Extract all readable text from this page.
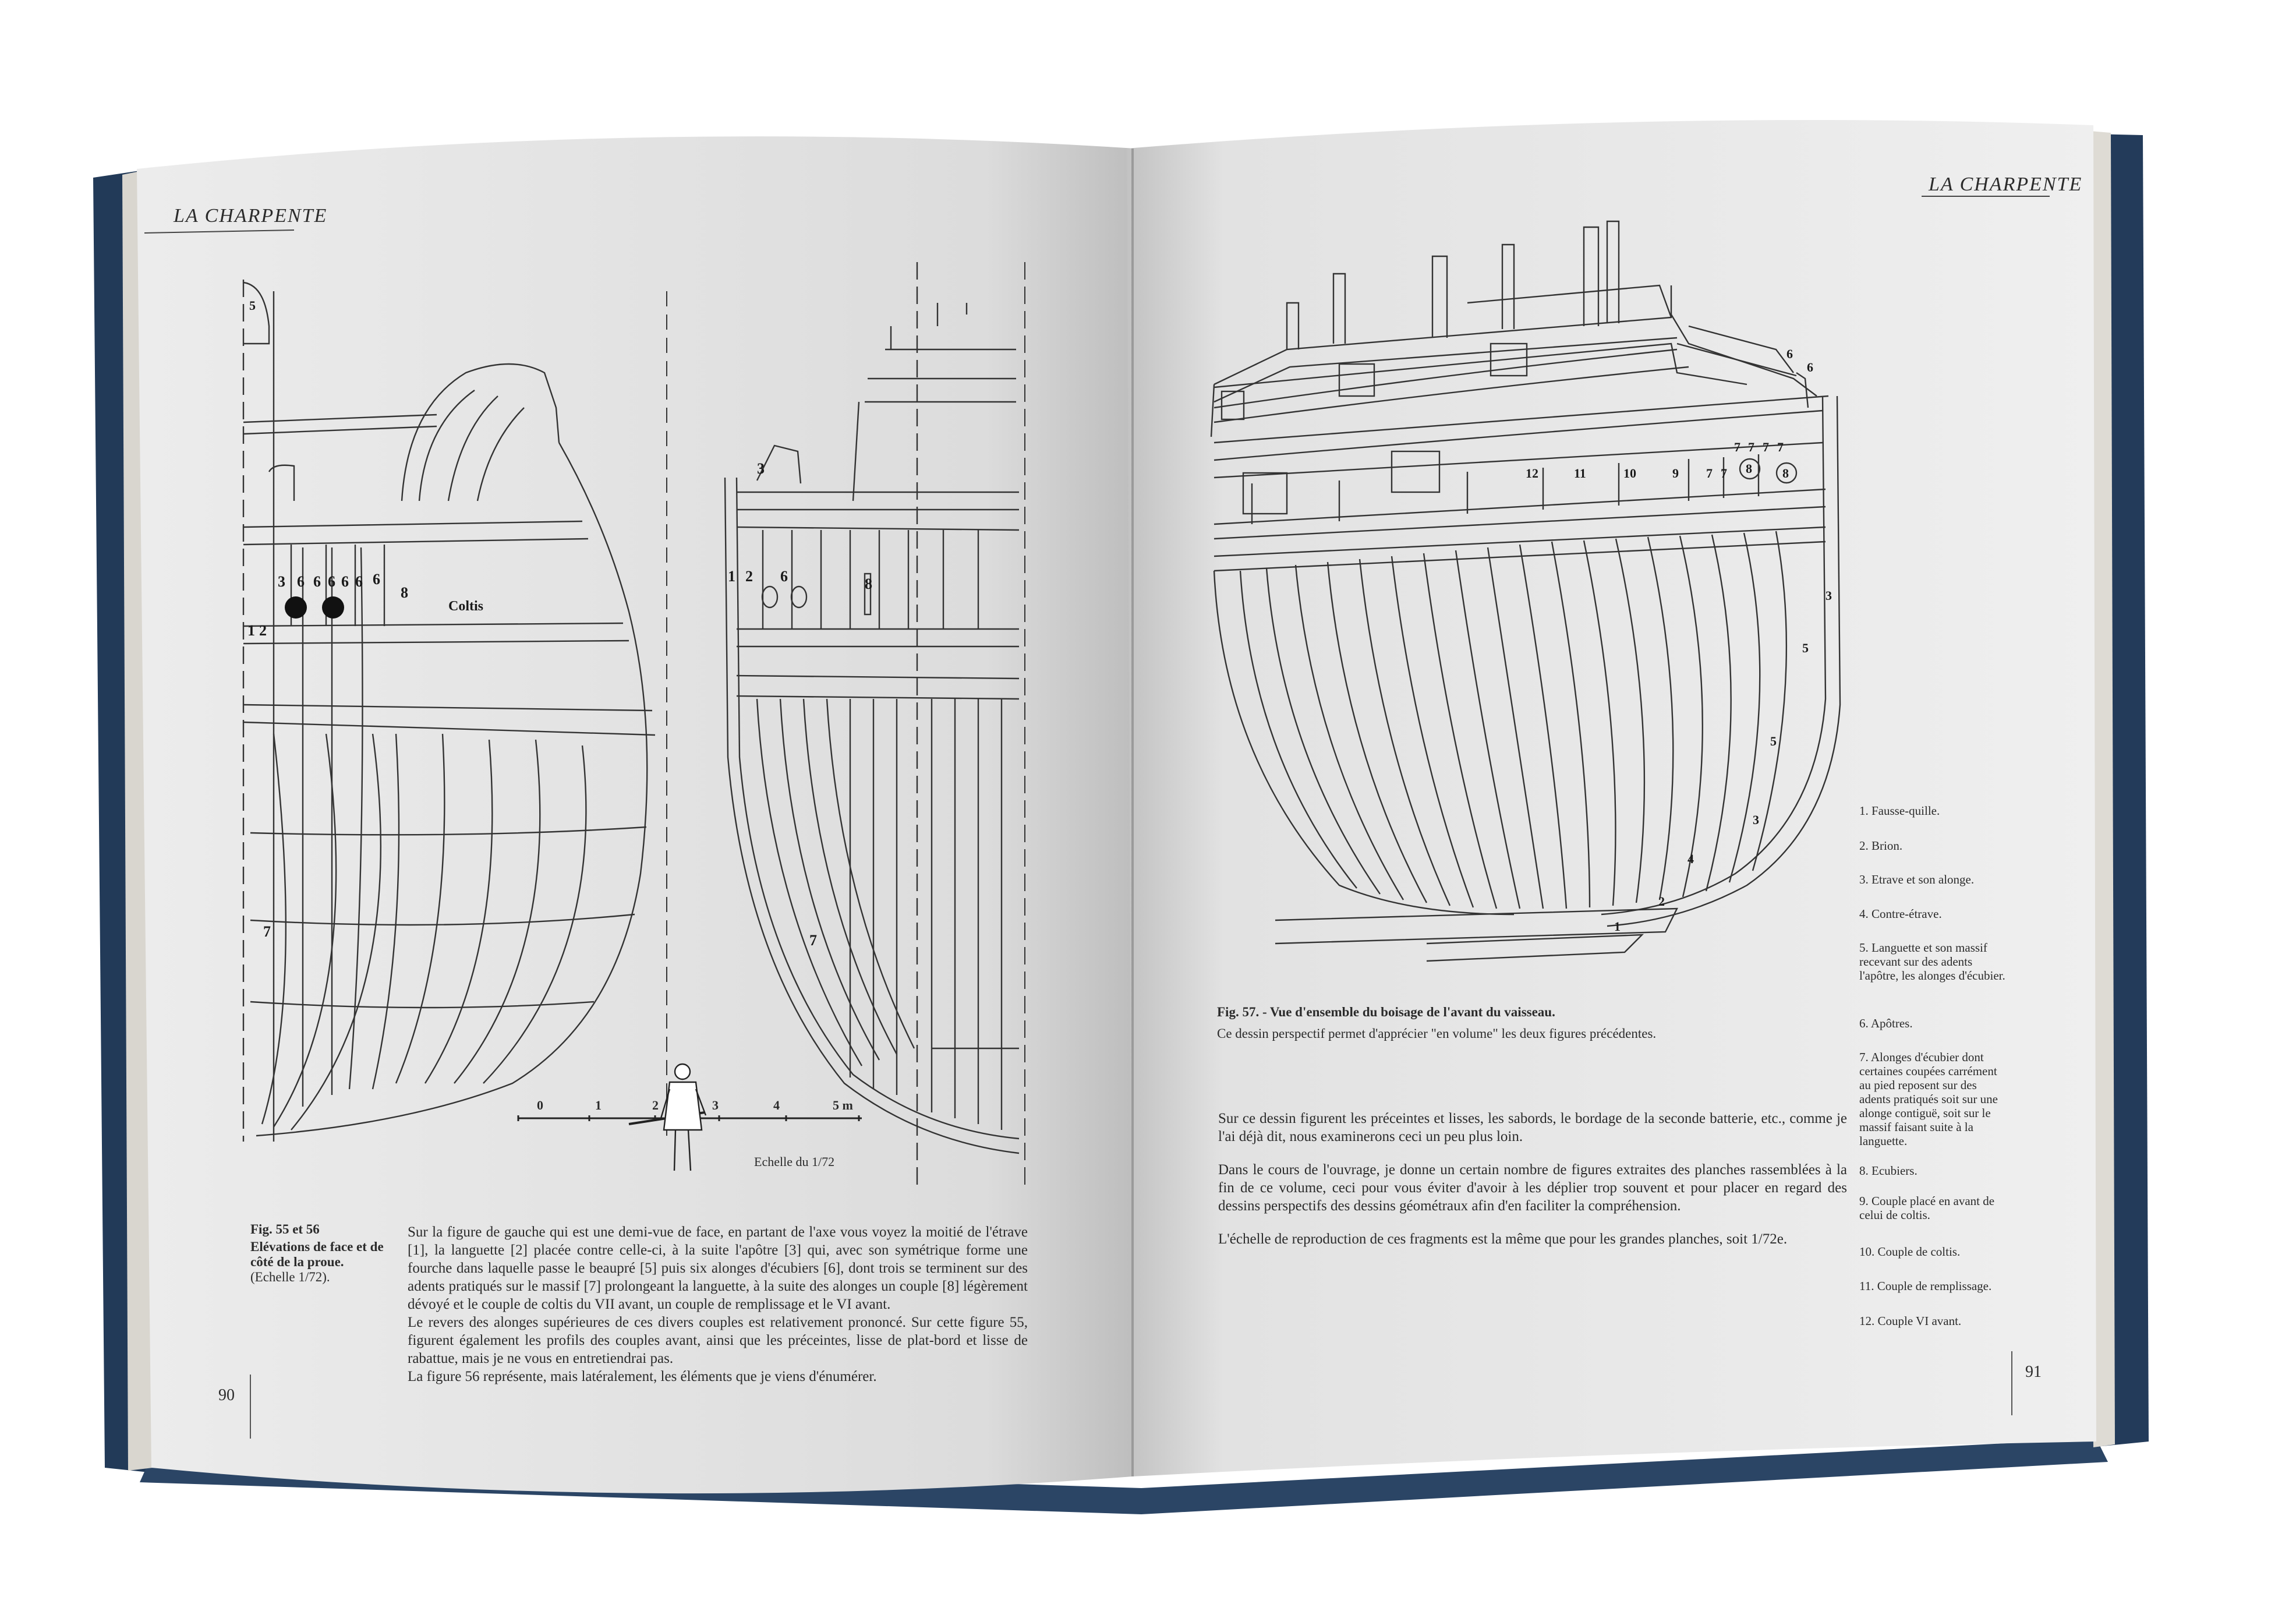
LA CHARPENTE
5
1 2
3 6 6 6 6 6 6
8
7
Coltis
3
1 2 6	8
7
0	1	2	3	4	5 m
Echelle du 1/72
Fig. 55 et 56
Elévations de face et de côté de la proue.
(Echelle 1/72).

Sur la figure de gauche qui est une demi-vue de face, en partant de l'axe vous voyez la moitié de l'étrave [1], la languette [2] placée contre celle-ci, à la suite l'apôtre [3] qui, avec son symétrique forme une fourche dans laquelle passe le beaupré [5] puis six alonges d'écubiers [6], dont trois se terminent sur des adents pratiqués sur le massif [7] prolongeant la languette, à la suite des alonges un couple [8] légèrement dévoyé et le couple de coltis du VII avant, un couple de remplissage et le VI avant.

Le revers des alonges supérieures de ces divers couples est relativement prononcé. Sur cette figure 55, figurent également les profils des couples avant, ainsi que les préceintes, lisse de plat-bord et lisse de rabattue, mais je ne vous en entretiendrai pas.

La figure 56 représente, mais latéralement, les éléments que je viens d'énumérer.

90
LA CHARPENTE
6
6
7 7 7 7
12	11	10	9 7 7 8 8
3
5
5
3
4
2
1
Fig. 57. - Vue d'ensemble du boisage de l'avant du vaisseau.
Ce dessin perspectif permet d'apprécier "en volume" les deux figures précédentes.

Sur ce dessin figurent les préceintes et lisses, les sabords, le bordage de la seconde batterie, etc., comme je l'ai déjà dit, nous examinerons ceci un peu plus loin.

Dans le cours de l'ouvrage, je donne un certain nombre de figures extraites des planches rassemblées à la fin de ce volume, ceci pour vous éviter d'avoir à les déplier trop souvent et pour placer en regard des dessins perspectifs des dessins géométraux afin d'en faciliter la compréhension.

L'échelle de reproduction de ces fragments est la même que pour les grandes planches, soit 1/72e.

1. Fausse-quille.
2. Brion.
3. Etrave et son alonge.
4. Contre-étrave.
5. Languette et son massif recevant sur des adents l'apôtre, les alonges d'écubier.
6. Apôtres.
7. Alonges d'écubier dont certaines coupées carrément au pied reposent sur des adents pratiqués soit sur une alonge contiguë, soit sur le massif faisant suite à la languette.
8. Ecubiers.
9. Couple placé en avant de celui de coltis.
10. Couple de coltis.
11. Couple de remplissage.
12. Couple VI avant.
91
